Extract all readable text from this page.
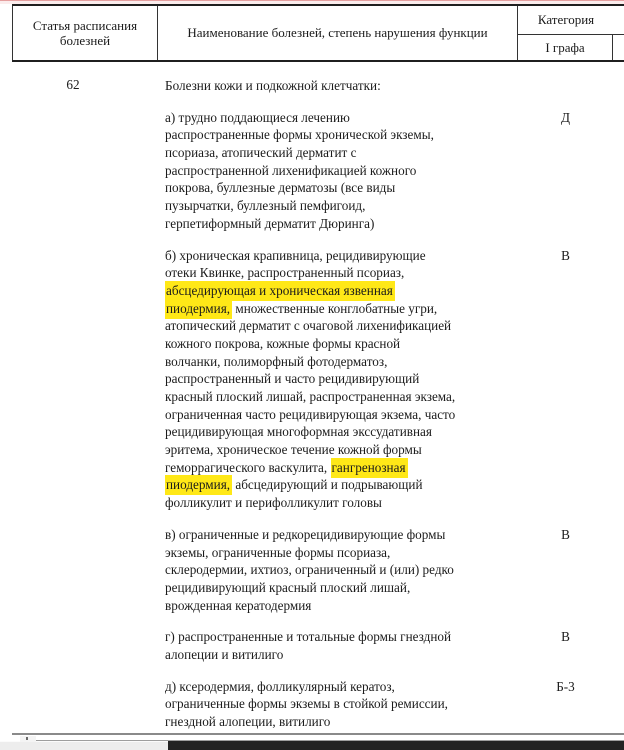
Статья расписания болезней
Наименование болезней, степень нарушения функции
Категория
I графа
62	Болезни кожи и подкожной клетчатки:
а) трудно поддающиеся лечению
распространенные формы хронической экземы,
псориаза, атопический дерматит с
распространенной лихенификацией кожного
покрова, буллезные дерматозы (все виды
пузырчатки, буллезный пемфигоид,
герпетиформный дерматит Дюринга)
Д
б) хроническая крапивница, рецидивирующие
отеки Квинке, распространенный псориаз,
абсцедирующая и хроническая язвенная
пиодермия, множественные конглобатные угри,
атопический дерматит с очаговой лихенификацией
кожного покрова, кожные формы красной
волчанки, полиморфный фотодерматоз,
распространенный и часто рецидивирующий
красный плоский лишай, распространенная экзема,
ограниченная часто рецидивирующая экзема, часто
рецидивирующая многоформная экссудативная
эритема, хроническое течение кожной формы
геморрагического васкулита, гангренозная
пиодермия, абсцедирующий и подрывающий
фолликулит и перифолликулит головы
В
в) ограниченные и редкорецидивирующие формы
экземы, ограниченные формы псориаза,
склеродермии, ихтиоз, ограниченный и (или) редко
рецидивирующий красный плоский лишай,
врожденная кератодермия
В
г) распространенные и тотальные формы гнездной
алопеции и витилиго
В
д) ксеродермия, фолликулярный кератоз,
ограниченные формы экземы в стойкой ремиссии,
гнездной алопеции, витилиго
Б-3
